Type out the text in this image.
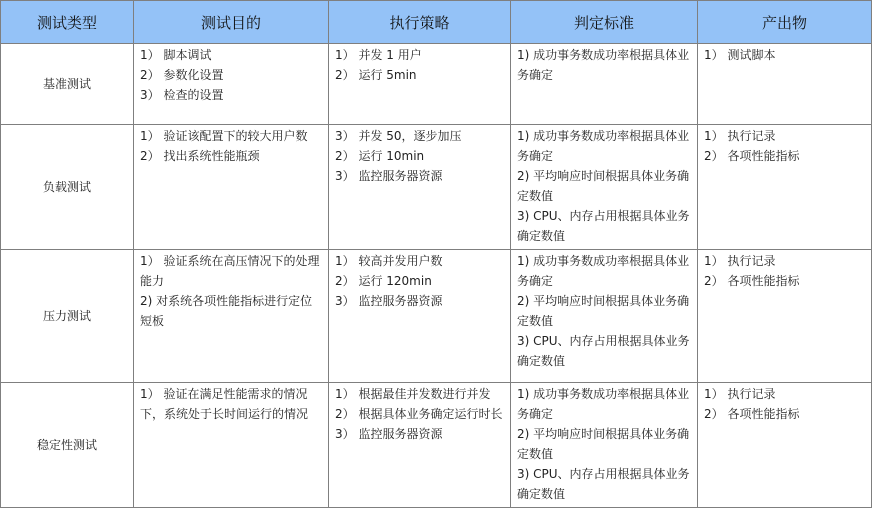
测试类型	测试目的	执行策略	判定标准	产出物
基准测试	1） 脚本调试
2） 参数化设置
3） 检查的设置	1） 并发 1 用户
2） 运行 5min	1) 成功事务数成功率根据具体业务确定	1） 测试脚本

负载测试	1） 验证该配置下的较大用户数
2） 找出系统性能瓶颈	3） 并发 50，逐步加压
2） 运行 10min
3） 监控服务器资源	1) 成功事务数成功率根据具体业务确定
2) 平均响应时间根据具体业务确定数值
3) CPU、内存占用根据具体业务确定数值	1） 执行记录
2） 各项性能指标

压力测试	1） 验证系统在高压情况下的处理能力
2) 对系统各项性能指标进行定位短板	1） 较高并发用户数
2） 运行 120min
3） 监控服务器资源	1) 成功事务数成功率根据具体业务确定
2) 平均响应时间根据具体业务确定数值
3) CPU、内存占用根据具体业务确定数值	1） 执行记录
2） 各项性能指标

稳定性测试	1） 验证在满足性能需求的情况下，系统处于长时间运行的情况	1） 根据最佳并发数进行并发
2） 根据具体业务确定运行时长
3） 监控服务器资源	1) 成功事务数成功率根据具体业务确定
2) 平均响应时间根据具体业务确定数值
3) CPU、内存占用根据具体业务确定数值	1） 执行记录
2） 各项性能指标
